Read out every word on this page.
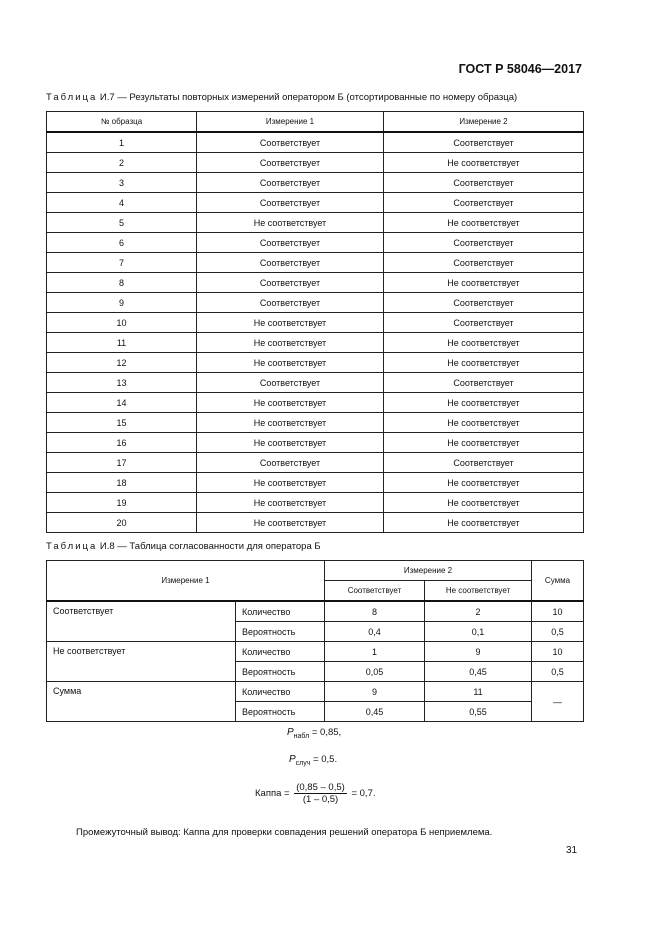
ГОСТ Р 58046—2017
Таблица И.7 — Результаты повторных измерений оператором Б (отсортированные по номеру образца)
№ образца	Измерение 1	Измерение 2
1	Соответствует	Соответствует
2	Соответствует	Не соответствует
3	Соответствует	Соответствует
4	Соответствует	Соответствует
5	Не соответствует	Не соответствует
6	Соответствует	Соответствует
7	Соответствует	Соответствует
8	Соответствует	Не соответствует
9	Соответствует	Соответствует
10	Не соответствует	Соответствует
11	Не соответствует	Не соответствует
12	Не соответствует	Не соответствует
13	Соответствует	Соответствует
14	Не соответствует	Не соответствует
15	Не соответствует	Не соответствует
16	Не соответствует	Не соответствует
17	Соответствует	Соответствует
18	Не соответствует	Не соответствует
19	Не соответствует	Не соответствует
20	Не соответствует	Не соответствует
Таблица И.8 — Таблица согласованности для оператора Б
Измерение 1		Измерение 2		Сумма
		Соответствует	Не соответствует	
Соответствует	Количество	8	2	10
	Вероятность	0,4	0,1	0,5
Не соответствует	Количество	1	9	10
	Вероятность	0,05	0,45	0,5
Сумма	Количество	9	11	—
	Вероятность	0,45	0,55	
$P_{набл} = 0,85$,
$P_{случ} = 0,5$.
Каппа = $\frac{(0,85 - 0,5)}{(1 - 0,5)} = 0,7$.
Промежуточный вывод: Каппа для проверки совпадения решений оператора Б неприемлема.
31
